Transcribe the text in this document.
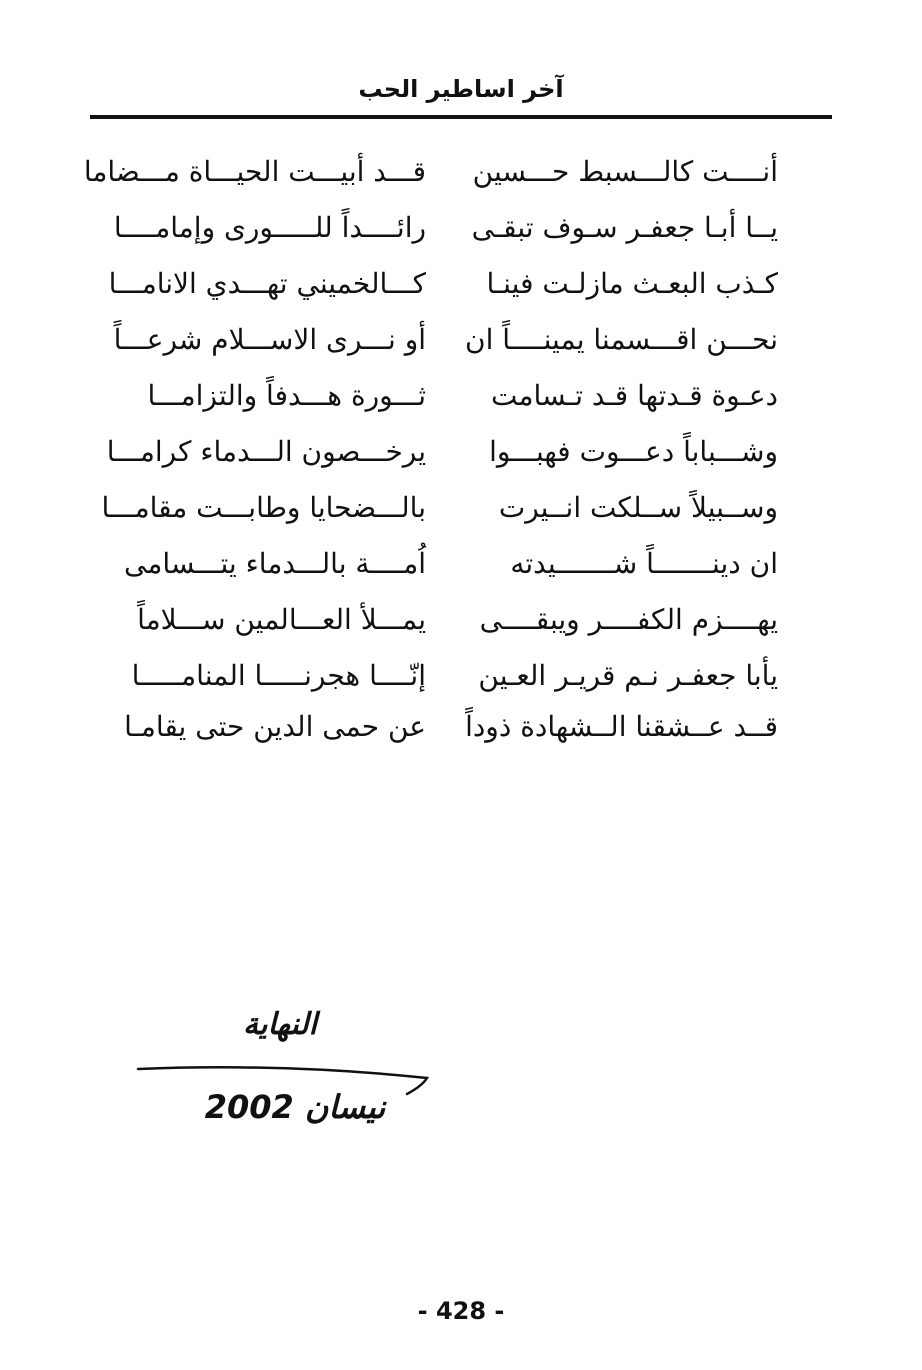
آخر اساطير الحب
أنــــت كالـــسبط حـــسين
قـــد أبيـــت الحيـــاة مـــضاما
يــا أبـا جعفـر سـوف تبقـى
رائــــداً للـــــورى وإمامــــا
كـذب البعـث مازلـت فينـا
كـــالخميني تهـــدي الانامـــا
نحـــن اقـــسمنا يمينــــاً ان
أو نـــرى الاســـلام شرعـــاً
دعـوة قـدتها قـد تـسامت
ثـــورة هـــدفاً والتزامـــا
وشـــباباً دعـــوت فهبـــوا
يرخـــصون الـــدماء كرامـــا
وســبيلاً ســلكت انــيرت
بالـــضحايا وطابـــت مقامـــا
ان دينـــــــاً شـــــــيدته
اُمــــة بالـــدماء يتـــسامى
يهــــزم الكفــــر ويبقــــى
يمـــلأ العـــالمين ســـلاماً
يأبا جعفـر نـم قريـر العـين
إنّــــا هجرنـــــا المنامـــــا
قــد عــشقنا الــشهادة ذوداً
عن حمى الدين حتى يقامـا
النهاية
نيسان 2002
- 428 -
